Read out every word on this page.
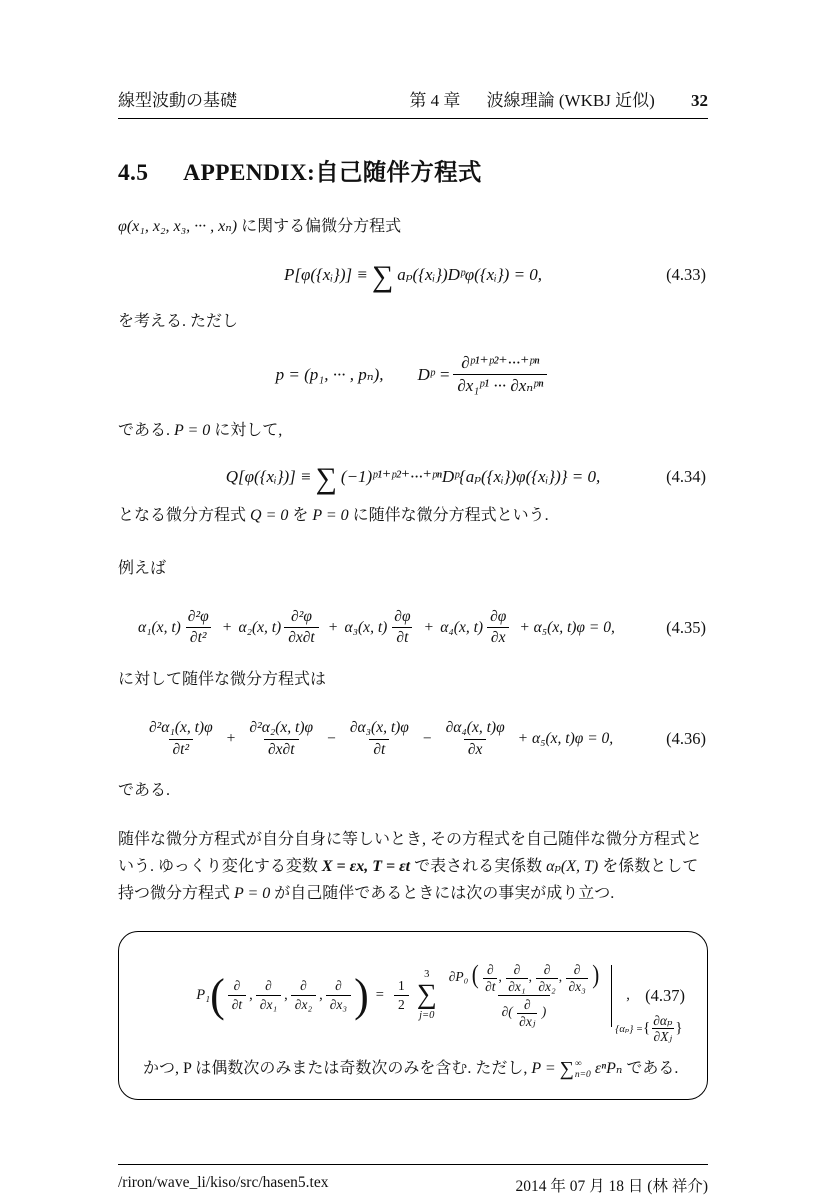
線型波動の基礎	第 4 章 波線理論 (WKBJ 近似) 32
4.5 APPENDIX:自己随伴方程式

φ(x₁, x₂, x₃, ··· , xₙ) に関する偏微分方程式

P[φ({xᵢ})] ≡ ∑ aₚ({xᵢ})Dᵖφ({xᵢ}) = 0,	(4.33)

を考える. ただし

p = (p₁, ··· , pₙ), Dᵖ = $\frac{\text{∂ᵖ¹⁺ᵖ²⁺···⁺ᵖⁿ}}{\text{∂x₁ᵖ¹ ··· ∂xₙᵖⁿ}}$

である. P = 0 に対して,

Q[φ({xᵢ})] ≡ ∑ (−1)ᵖ¹⁺ᵖ²⁺···⁺ᵖⁿDᵖ{aₚ({xᵢ})φ({xᵢ})} = 0,	(4.34)

となる微分方程式 Q = 0 を P = 0 に随伴な微分方程式という.

例えば

α₁(x, $t) \frac{\text{∂²φ}}{\text{∂t²}} + \alpha_2(x$, $t) \frac{\text{∂²φ}}{\partial x\partial t} + \alpha_3(x$, $t) \frac{\partial\varphi}{\partial t} + \alpha_4(x$, $t) \frac{\partial\varphi}{\partial x} + \alpha_5(x$, t)φ = 0,	(4.35)

に対して随伴な微分方程式は

$\frac{\text{∂²α₁(x, t)φ}}{\text{∂t²}} + \frac{\text{∂²α₂(x, t)φ}}{\partial x\partial t} - \frac{\text{∂α₃(x, t)φ}}{\partial t} - \frac{\text{∂α₄(x, t)φ}}{\partial x} + \alpha_5(x$, t)φ = 0,	(4.36)

である.

随伴な微分方程式が自分自身に等しいとき, その方程式を自己随伴な微分方程式という. ゆっくり変化する変数 X = εx, T = εt で表される実係数 αₚ(X, T) を係数として持つ微分方程式 P = 0 が自己随伴であるときには次の事実が成り立つ.

P₁ ( $\frac{\partial}{\partial t}$ , $\frac{\partial}{\text{∂x₁}}$ , $\frac{\partial}{\text{∂x₂}}$ , $\frac{\partial}{\text{∂x₃}}$ ) = $\frac{1}{2}$
3
∑
j=0
∂P₀ ( $\frac{\partial}{\partial t}$ , $\frac{\partial}{\text{∂x₁}}$ , $\frac{\partial}{\text{∂x₂}}$ , $\frac{\partial}{\text{∂x₃}}$ )
∂( $\frac{\partial}{\text{∂xⱼ}}$ )
{αₚ} = { $\frac{\text{∂αₚ}}{\text{∂Xⱼ}}$ }
, (4.37)

かつ, P は偶数次のみまたは奇数次のみを含む. ただし, P = ∑ ∞
n=0 εⁿPₙ である.

/riron/wave_li/kiso/src/hasen5.tex	2014 年 07 月 18 日 (林 祥介)
